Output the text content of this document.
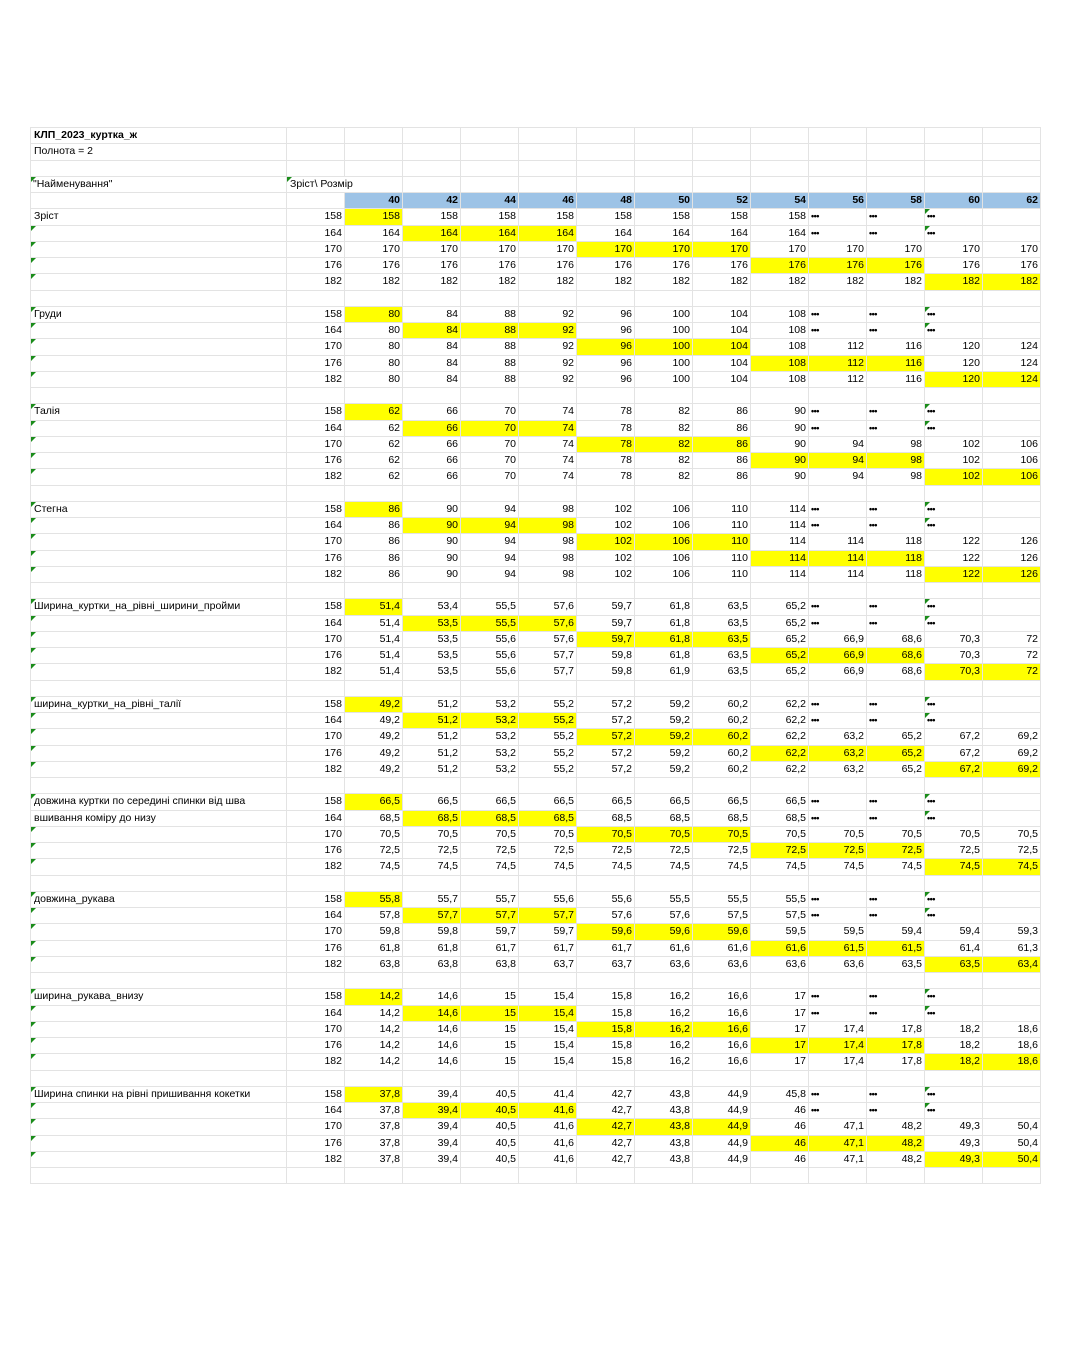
КЛП_2023_куртка_ж													

Полнота = 2													

"Найменування"	Зріст\ Розмір												

		40	42	44	46	48	50	52	54	56	58	60	62

Зріст	158	158	158	158	158	158	158	158	158	•••	•••	•••	
	164	164	164	164	164	164	164	164	164	•••	•••	•••	
	170	170	170	170	170	170	170	170	170	170	170	170	170
	176	176	176	176	176	176	176	176	176	176	176	176	176
	182	182	182	182	182	182	182	182	182	182	182	182	182

Груди	158	80	84	88	92	96	100	104	108	•••	•••	•••	
	164	80	84	88	92	96	100	104	108	•••	•••	•••	
	170	80	84	88	92	96	100	104	108	112	116	120	124
	176	80	84	88	92	96	100	104	108	112	116	120	124
	182	80	84	88	92	96	100	104	108	112	116	120	124

Талія	158	62	66	70	74	78	82	86	90	•••	•••	•••	
	164	62	66	70	74	78	82	86	90	•••	•••	•••	
	170	62	66	70	74	78	82	86	90	94	98	102	106
	176	62	66	70	74	78	82	86	90	94	98	102	106
	182	62	66	70	74	78	82	86	90	94	98	102	106

Стегна	158	86	90	94	98	102	106	110	114	•••	•••	•••	
	164	86	90	94	98	102	106	110	114	•••	•••	•••	
	170	86	90	94	98	102	106	110	114	114	118	122	126
	176	86	90	94	98	102	106	110	114	114	118	122	126
	182	86	90	94	98	102	106	110	114	114	118	122	126

Ширина_куртки_на_рівні_ширини_пройми	158	51,4	53,4	55,5	57,6	59,7	61,8	63,5	65,2	•••	•••	•••	
	164	51,4	53,5	55,5	57,6	59,7	61,8	63,5	65,2	•••	•••	•••	
	170	51,4	53,5	55,6	57,6	59,7	61,8	63,5	65,2	66,9	68,6	70,3	72
	176	51,4	53,5	55,6	57,7	59,8	61,8	63,5	65,2	66,9	68,6	70,3	72
	182	51,4	53,5	55,6	57,7	59,8	61,9	63,5	65,2	66,9	68,6	70,3	72

ширина_куртки_на_рівні_талії	158	49,2	51,2	53,2	55,2	57,2	59,2	60,2	62,2	•••	•••	•••	
	164	49,2	51,2	53,2	55,2	57,2	59,2	60,2	62,2	•••	•••	•••	
	170	49,2	51,2	53,2	55,2	57,2	59,2	60,2	62,2	63,2	65,2	67,2	69,2
	176	49,2	51,2	53,2	55,2	57,2	59,2	60,2	62,2	63,2	65,2	67,2	69,2
	182	49,2	51,2	53,2	55,2	57,2	59,2	60,2	62,2	63,2	65,2	67,2	69,2

довжина куртки по середині спинки від шва	158	66,5	66,5	66,5	66,5	66,5	66,5	66,5	66,5	•••	•••	•••	

вшивання коміру до низу	164	68,5	68,5	68,5	68,5	68,5	68,5	68,5	68,5	•••	•••	•••	
	170	70,5	70,5	70,5	70,5	70,5	70,5	70,5	70,5	70,5	70,5	70,5	70,5
	176	72,5	72,5	72,5	72,5	72,5	72,5	72,5	72,5	72,5	72,5	72,5	72,5
	182	74,5	74,5	74,5	74,5	74,5	74,5	74,5	74,5	74,5	74,5	74,5	74,5

довжина_рукава	158	55,8	55,7	55,7	55,6	55,6	55,5	55,5	55,5	•••	•••	•••	
	164	57,8	57,7	57,7	57,7	57,6	57,6	57,5	57,5	•••	•••	•••	
	170	59,8	59,8	59,7	59,7	59,6	59,6	59,6	59,5	59,5	59,4	59,4	59,3
	176	61,8	61,8	61,7	61,7	61,7	61,6	61,6	61,6	61,5	61,5	61,4	61,3
	182	63,8	63,8	63,8	63,7	63,7	63,6	63,6	63,6	63,6	63,5	63,5	63,4

ширина_рукава_внизу	158	14,2	14,6	15	15,4	15,8	16,2	16,6	17	•••	•••	•••	
	164	14,2	14,6	15	15,4	15,8	16,2	16,6	17	•••	•••	•••	
	170	14,2	14,6	15	15,4	15,8	16,2	16,6	17	17,4	17,8	18,2	18,6
	176	14,2	14,6	15	15,4	15,8	16,2	16,6	17	17,4	17,8	18,2	18,6
	182	14,2	14,6	15	15,4	15,8	16,2	16,6	17	17,4	17,8	18,2	18,6

Ширина спинки на рівні пришивання кокетки	158	37,8	39,4	40,5	41,4	42,7	43,8	44,9	45,8	•••	•••	•••	
	164	37,8	39,4	40,5	41,6	42,7	43,8	44,9	46	•••	•••	•••	
	170	37,8	39,4	40,5	41,6	42,7	43,8	44,9	46	47,1	48,2	49,3	50,4
	176	37,8	39,4	40,5	41,6	42,7	43,8	44,9	46	47,1	48,2	49,3	50,4
	182	37,8	39,4	40,5	41,6	42,7	43,8	44,9	46	47,1	48,2	49,3	50,4
